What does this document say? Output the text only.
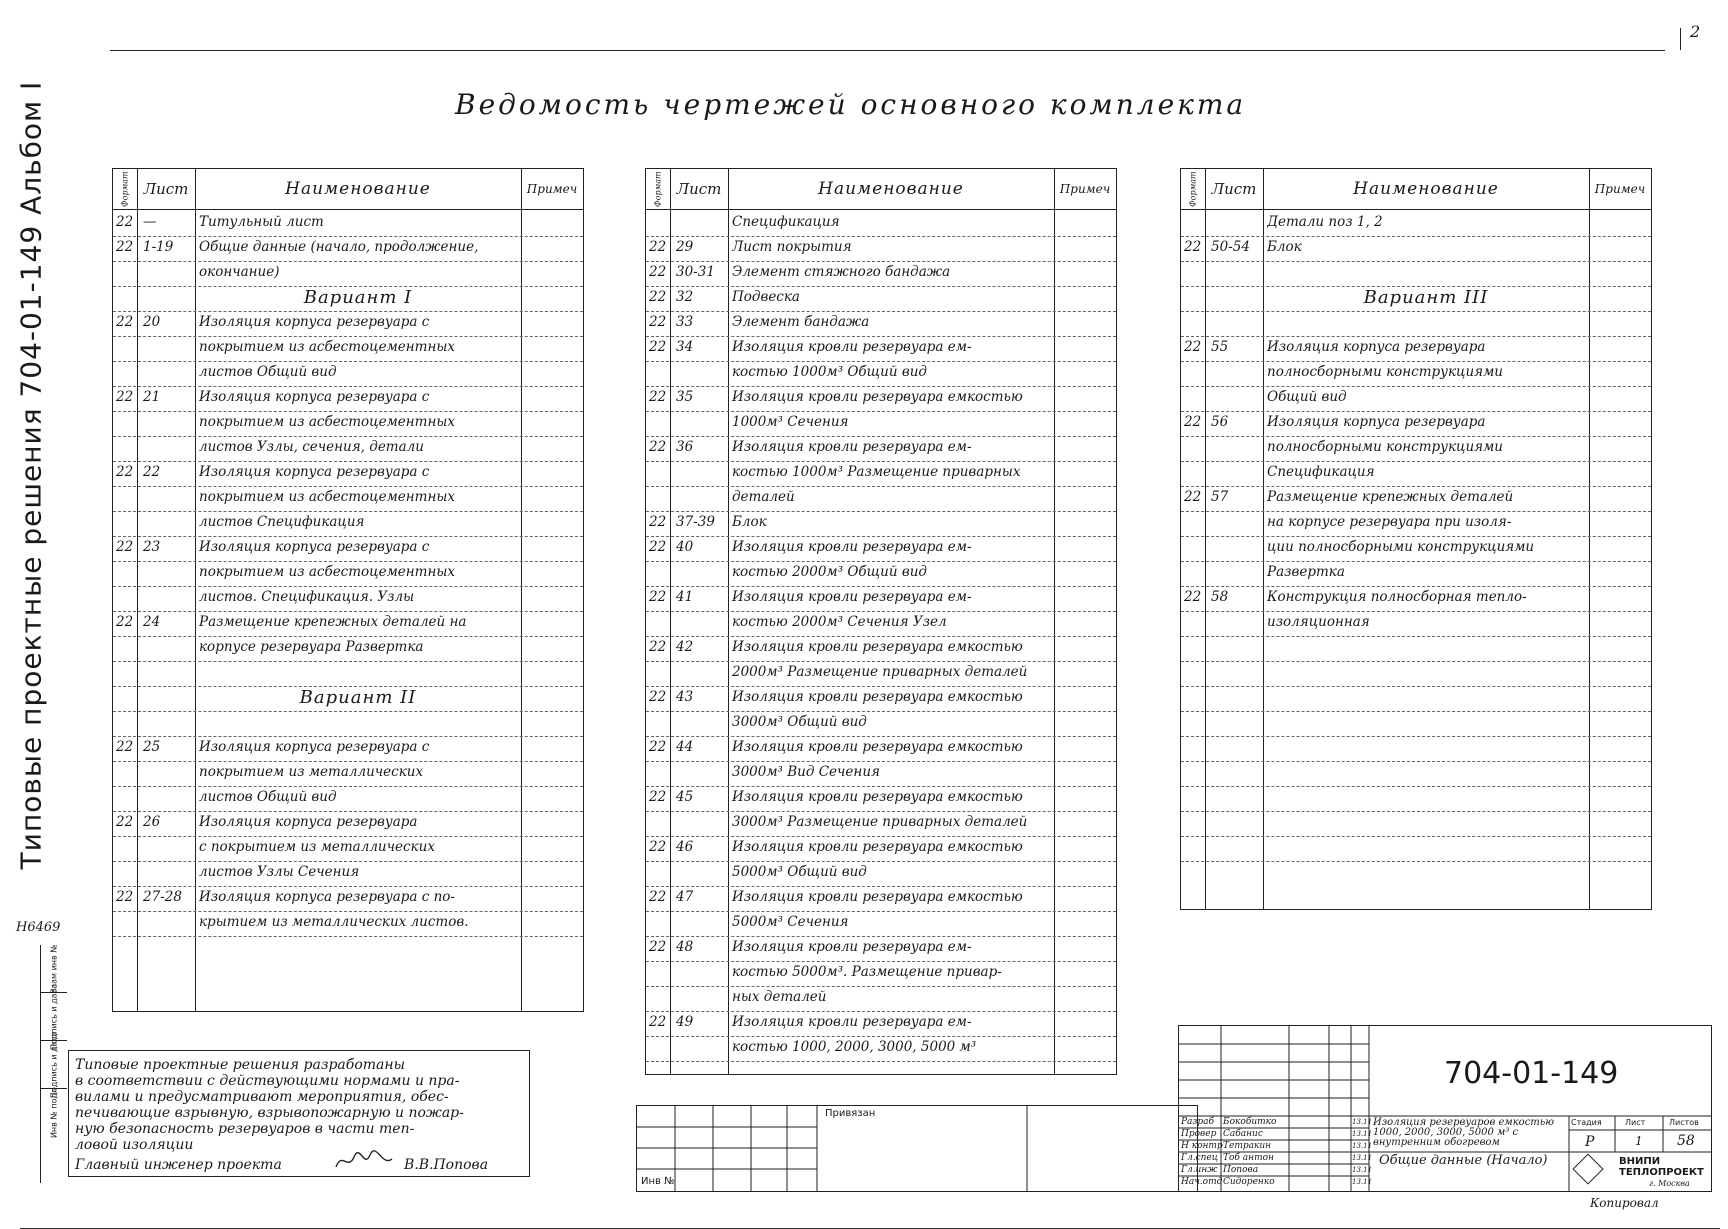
2
Типовые проектные решения 704-01-149 Альбом I	Ведомость чертежей основного комплекта
Формат Лист	Наименование	Примеч
22 —	Титульный лист
22 1-19 Общие данные (начало, продолжение,
окончание)
Вариант I
22 20	Изоляция корпуса резервуара с
покрытием из асбестоцементных
листов Общий вид
22 21	Изоляция корпуса резервуара с
покрытием из асбестоцементных
листов Узлы, сечения, детали
22 22	Изоляция корпуса резервуара с
покрытием из асбестоцементных
листов Спецификация
22 23	Изоляция корпуса резервуара с
покрытием из асбестоцементных
листов. Спецификация. Узлы
22 24	Размещение крепежных деталей на
корпусе резервуара Развертка
Вариант II
22 25	Изоляция корпуса резервуара с
покрытием из металлических
листов Общий вид
22 26	Изоляция корпуса резервуара
с покрытием из металлических
листов Узлы Сечения
22 27-28 Изоляция корпуса резервуара с по-
крытием из металлических листов.
Формат Лист	Наименование	Примеч
Спецификация
22 29	Лист покрытия
22 30-31 Элемент стяжного бандажа
22 32	Подвеска
22 33	Элемент бандажа
22 34	Изоляция кровли резервуара ем-
костью 1000м³ Общий вид
22 35	Изоляция кровли резервуара емкостью
1000м³ Сечения
22 36	Изоляция кровли резервуара ем-
костью 1000м³ Размещение приварных
деталей
22 37-39 Блок
22 40	Изоляция кровли резервуара ем-
костью 2000м³ Общий вид
22 41	Изоляция кровли резервуара ем-
костью 2000м³ Сечения Узел
22 42	Изоляция кровли резервуара емкостью
2000м³ Размещение приварных деталей
22 43	Изоляция кровли резервуара емкостью
3000м³ Общий вид
22 44	Изоляция кровли резервуара емкостью
3000м³ Вид Сечения
22 45	Изоляция кровли резервуара емкостью
3000м³ Размещение приварных деталей
22 46	Изоляция кровли резервуара емкостью
5000м³ Общий вид
22 47	Изоляция кровли резервуара емкостью
5000м³ Сечения
22 48	Изоляция кровли резервуара ем-
костью 5000м³. Размещение привар-
ных деталей
22 49	Изоляция кровли резервуара ем-
костью 1000, 2000, 3000, 5000 м³
Формат Лист	Наименование	Примеч
Детали поз 1, 2
22 50-54 Блок
Вариант III
22 55	Изоляция корпуса резервуара
полносборными конструкциями
Общий вид
22 56	Изоляция корпуса резервуара
полносборными конструкциями
Спецификация
22 57	Размещение крепежных деталей
на корпусе резервуара при изоля-
ции полносборными конструкциями
Развертка
22 58	Конструкция полносборная тепло-
изоляционная
Н6469
Взам инв №
Подпись и дата
Подпись и дата
Инв № подл
Типовые проектные решения разработаны
в соответствии с действующими нормами и пра-
вилами и предусматривают мероприятия, обес-
печивающие взрывную, взрывопожарную и пожар-
ную безопасность резервуаров в части теп-
ловой изоляции
Главный инженер проекта	В.В.Попова
Привязан
Инв №
704-01-149
Разраб
Провер
Н контр
Гл.спец
Гл.инж
Нач.отд
Бокобитко
Сабанис
Тетракин
Тоб антон
Попова
Сидоренко
13.11
13.11
13.11
13.11
13.11
13.11
Изоляция резервуаров емкостью 1000, 2000, 3000, 5000 м³ с внутренним обогревом
Общие данные (Начало)
Стадия	Лист	Листов
Р	1 58
ВНИПИ ТЕПЛОПРОЕКТ
г. Москва
Копировал
